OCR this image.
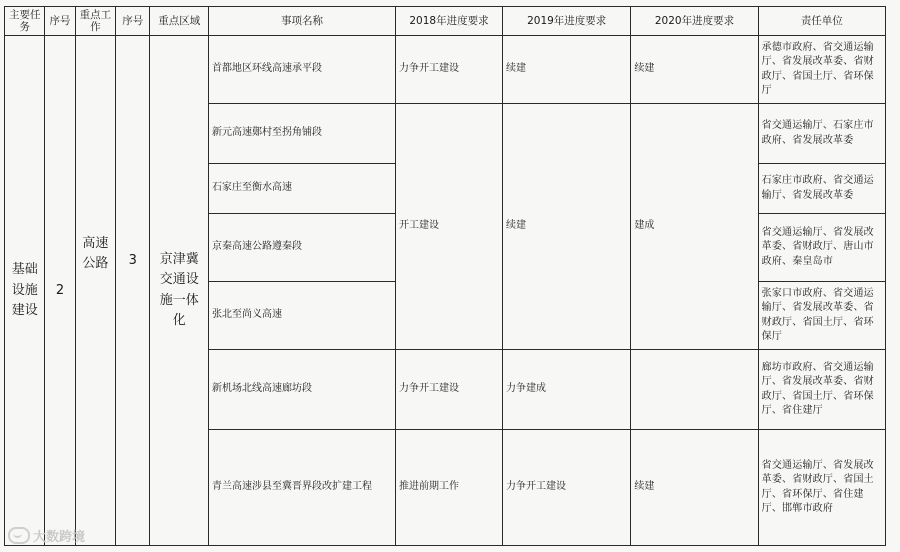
主要任务	序号	重点工作	序号	重点区域	事项名称	2018年进度要求	2019年进度要求	2020年进度要求	责任单位
基础设施建设	2	高速公路	3	京津冀交通设施一体化	首都地区环线高速承平段	力争开工建设	续建	续建	承德市政府、省交通运输厅、省发展改革委、省财政厅、省国土厅、省环保厅
					新元高速鄚村至拐角铺段	开工建设	续建	建成	省交通运输厅、石家庄市政府、省发展改革委
					石家庄至衡水高速				石家庄市政府、省交通运输厅、省发展改革委
					京秦高速公路遵秦段				省交通运输厅、省发展改革委、省财政厅、唐山市政府、秦皇岛市
					张北至尚义高速				张家口市政府、省交通运输厅、省发展改革委、省财政厅、省国土厅、省环保厅
					新机场北线高速廊坊段	力争开工建设	力争建成		廊坊市政府、省交通运输厅、省发展改革委、省财政厅、省国土厅、省环保厅、省住建厅
					青兰高速涉县至冀晋界段改扩建工程	推进前期工作	力争开工建设	续建	省交通运输厅、省发展改革委、省财政厅、省国土厅、省环保厅、省住建厅、邯郸市政府
大数跨境
